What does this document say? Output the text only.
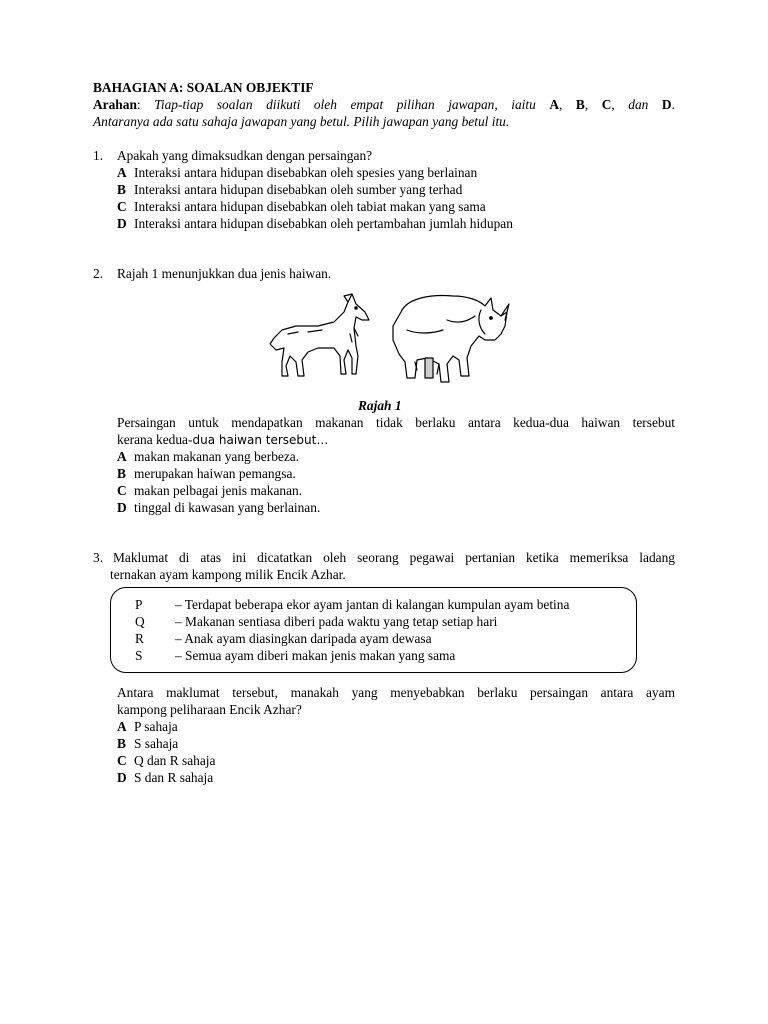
BAHAGIAN A: SOALAN OBJEKTIF
Arahan: Tiap-tiap soalan diikuti oleh empat pilihan jawapan, iaitu A, B, C, dan D.
Antaranya ada satu sahaja jawapan yang betul. Pilih jawapan yang betul itu.
1. Apakah yang dimaksudkan dengan persaingan?
A Interaksi antara hidupan disebabkan oleh spesies yang berlainan
B Interaksi antara hidupan disebabkan oleh sumber yang terhad
C Interaksi antara hidupan disebabkan oleh tabiat makan yang sama
D Interaksi antara hidupan disebabkan oleh pertambahan jumlah hidupan
2. Rajah 1 menunjukkan dua jenis haiwan.
Rajah 1
Persaingan untuk mendapatkan makanan tidak berlaku antara kedua-dua haiwan tersebut
kerana kedua-dua haiwan tersebut…
A makan makanan yang berbeza.
B merupakan haiwan pemangsa.
C makan pelbagai jenis makanan.
D tinggal di kawasan yang berlainan.
3. Maklumat di atas ini dicatatkan oleh seorang pegawai pertanian ketika memeriksa ladang
ternakan ayam kampong milik Encik Azhar.
P – Terdapat beberapa ekor ayam jantan di kalangan kumpulan ayam betina
Q – Makanan sentiasa diberi pada waktu yang tetap setiap hari
R – Anak ayam diasingkan daripada ayam dewasa
S – Semua ayam diberi makan jenis makan yang sama
Antara maklumat tersebut, manakah yang menyebabkan berlaku persaingan antara ayam
kampong peliharaan Encik Azhar?
A P sahaja
B S sahaja
C Q dan R sahaja
D S dan R sahaja
